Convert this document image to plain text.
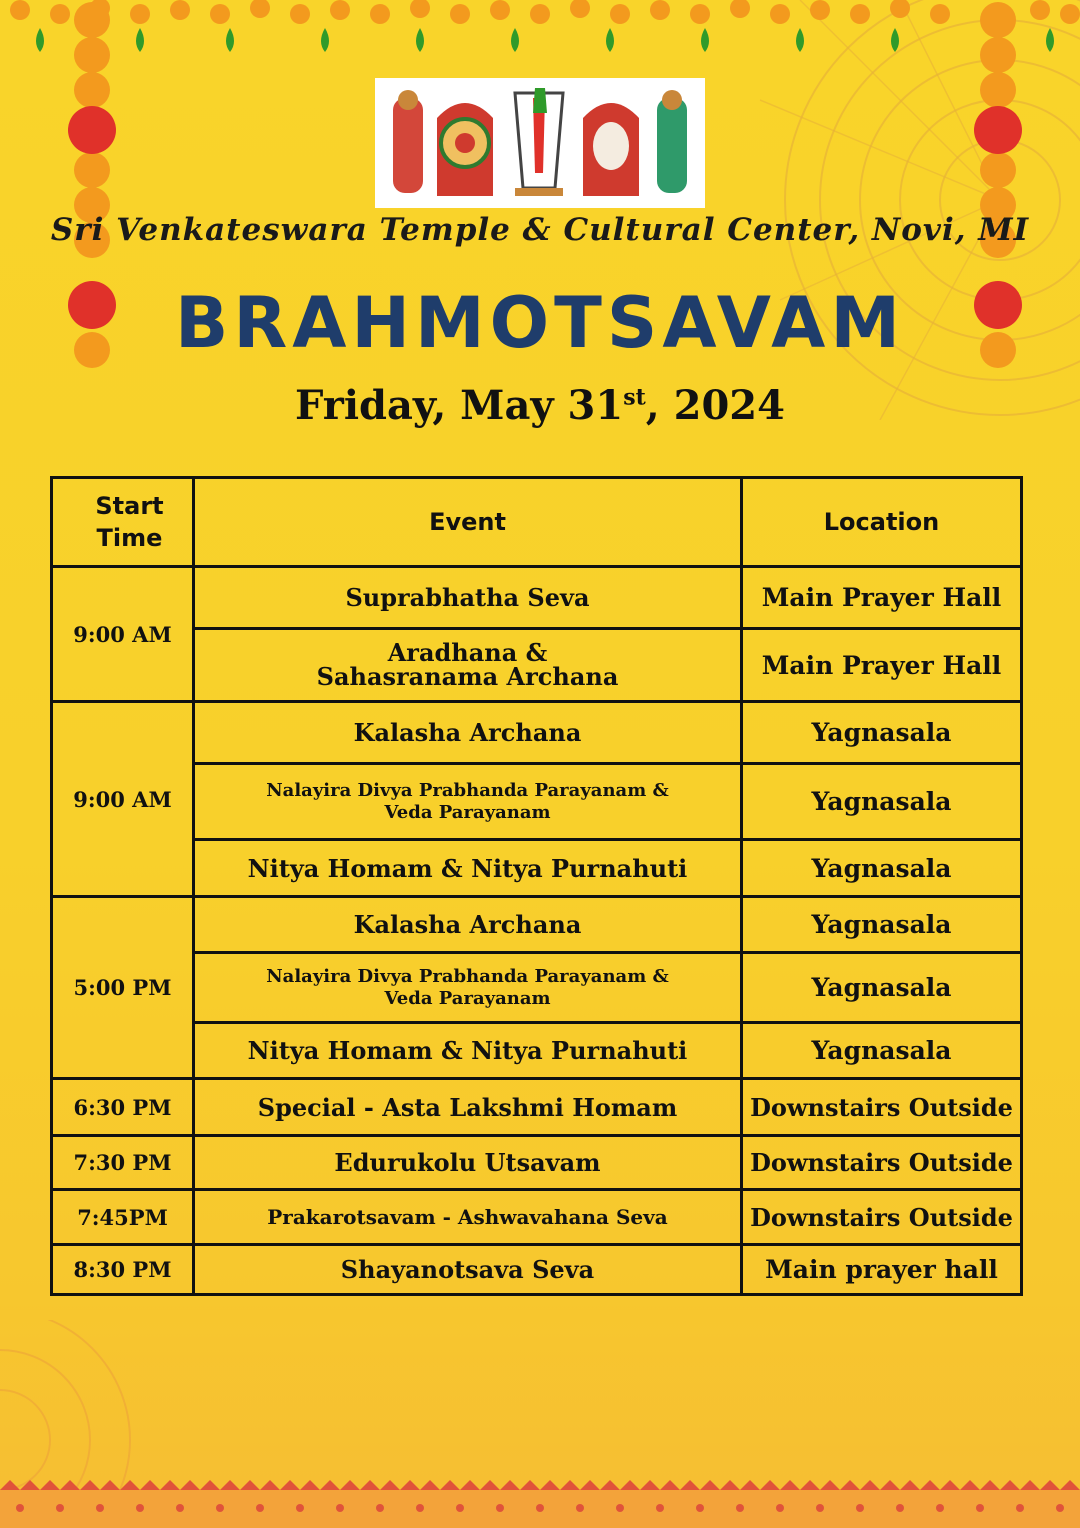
Sri Venkateswara Temple & Cultural Center, Novi, MI
BRAHMOTSAVAM
Friday, May 31st, 2024
Start
Time	Event	Location
9:00 AM	Suprabhatha Seva	Main Prayer Hall
	Aradhana &
Sahasranama Archana	Main Prayer Hall
9:00 AM	Kalasha Archana	Yagnasala
	Nalayira Divya Prabhanda Parayanam &
Veda Parayanam	Yagnasala
	Nitya Homam & Nitya Purnahuti	Yagnasala
5:00 PM	Kalasha Archana	Yagnasala
	Nalayira Divya Prabhanda Parayanam &
Veda Parayanam	Yagnasala
	Nitya Homam & Nitya Purnahuti	Yagnasala
6:30 PM	Special - Asta Lakshmi Homam	Downstairs Outside
7:30 PM	Edurukolu Utsavam	Downstairs Outside
7:45PM	Prakarotsavam - Ashwavahana Seva	Downstairs Outside
8:30 PM	Shayanotsava Seva	Main prayer hall
